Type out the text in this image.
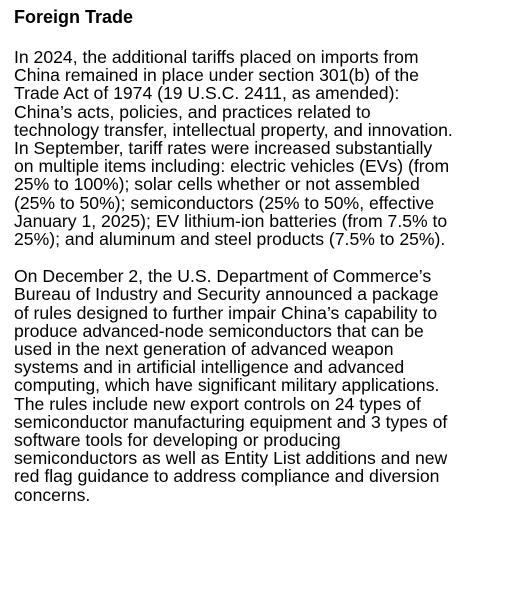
Foreign Trade

In 2024, the additional tariffs placed on imports from
China remained in place under section 301(b) of the
Trade Act of 1974 (19 U.S.C. 2411, as amended):
China’s acts, policies, and practices related to
technology transfer, intellectual property, and innovation.
In September, tariff rates were increased substantially
on multiple items including: electric vehicles (EVs) (from
25% to 100%); solar cells whether or not assembled
(25% to 50%); semiconductors (25% to 50%, effective
January 1, 2025); EV lithium-ion batteries (from 7.5% to
25%); and aluminum and steel products (7.5% to 25%).

On December 2, the U.S. Department of Commerce’s
Bureau of Industry and Security announced a package
of rules designed to further impair China’s capability to
produce advanced-node semiconductors that can be
used in the next generation of advanced weapon
systems and in artificial intelligence and advanced
computing, which have significant military applications.
The rules include new export controls on 24 types of
semiconductor manufacturing equipment and 3 types of
software tools for developing or producing
semiconductors as well as Entity List additions and new
red flag guidance to address compliance and diversion
concerns.
